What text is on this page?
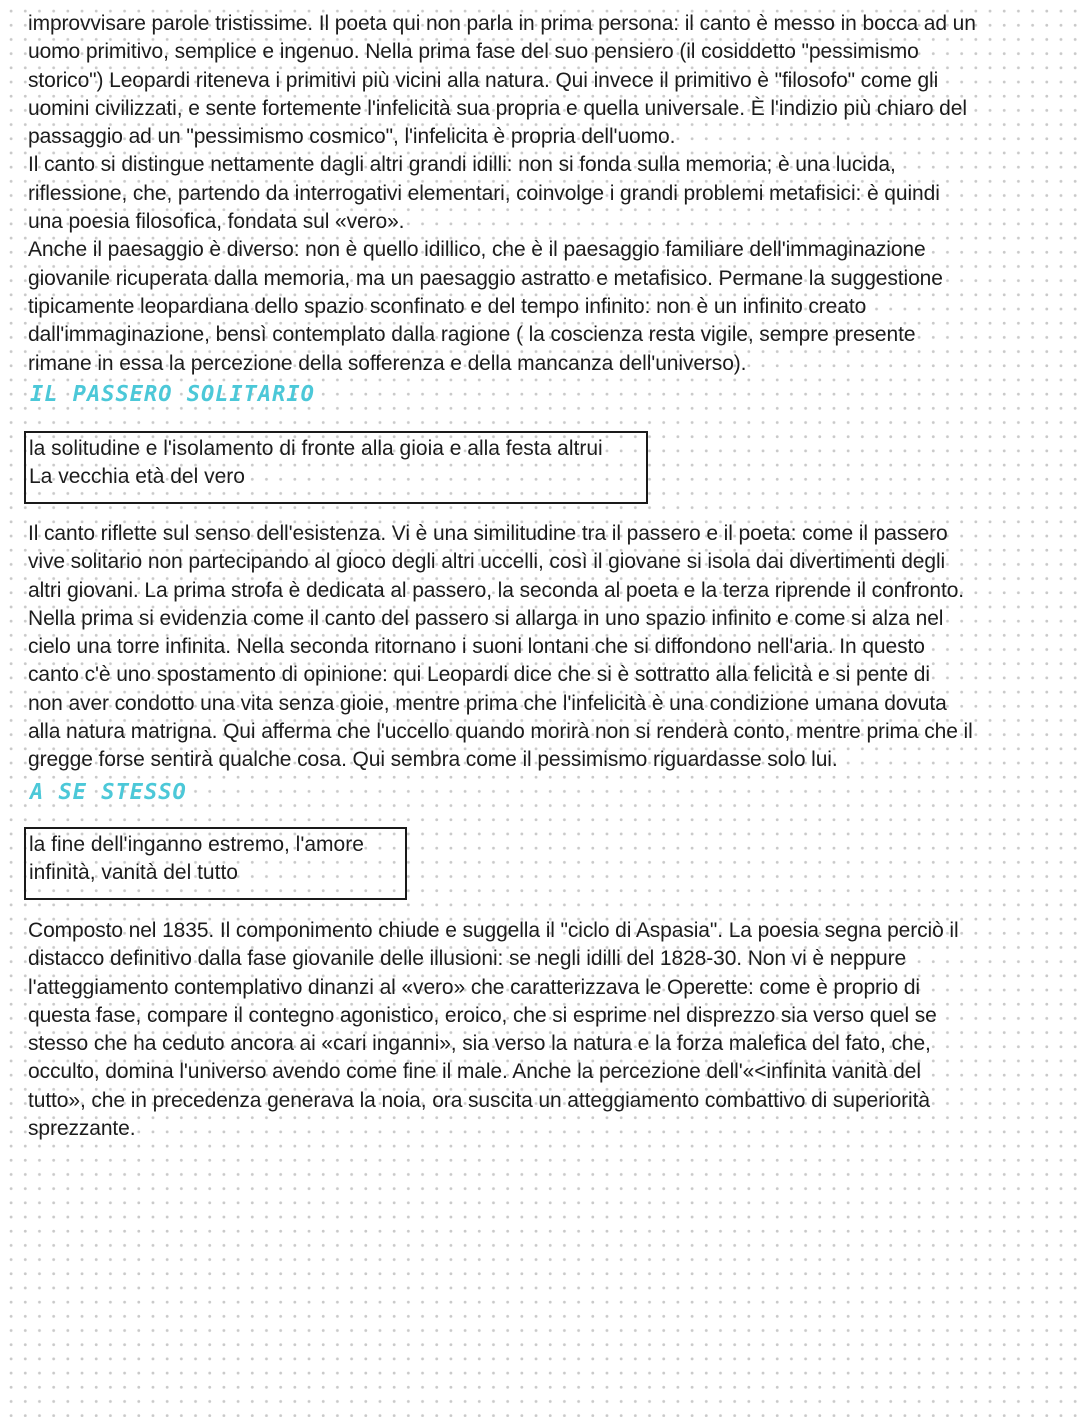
improvvisare parole tristissime. Il poeta qui non parla in prima persona: il canto è messo in bocca ad un
uomo primitivo, semplice e ingenuo. Nella prima fase del suo pensiero (il cosiddetto "pessimismo
storico") Leopardi riteneva i primitivi più vicini alla natura. Qui invece il primitivo è "filosofo" come gli
uomini civilizzati, e sente fortemente l'infelicità sua propria e quella universale. È l'indizio più chiaro del
passaggio ad un "pessimismo cosmico", l'infelicita è propria dell'uomo.
Il canto si distingue nettamente dagli altri grandi idilli: non si fonda sulla memoria; è una lucida,
riflessione, che, partendo da interrogativi elementari, coinvolge i grandi problemi metafisici: è quindi
una poesia filosofica, fondata sul «vero».
Anche il paesaggio è diverso: non è quello idillico, che è il paesaggio familiare dell'immaginazione
giovanile ricuperata dalla memoria, ma un paesaggio astratto e metafisico. Permane la suggestione
tipicamente leopardiana dello spazio sconfinato e del tempo infinito: non è un infinito creato
dall'immaginazione, bensì contemplato dalla ragione ( la coscienza resta vigile, sempre presente
rimane in essa la percezione della sofferenza e della mancanza dell'universo).

IL PASSERO SOLITARIO
la solitudine e l'isolamento di fronte alla gioia e alla festa altrui
La vecchia età del vero

Il canto riflette sul senso dell'esistenza. Vi è una similitudine tra il passero e il poeta: come il passero
vive solitario non partecipando al gioco degli altri uccelli, così il giovane si isola dai divertimenti degli
altri giovani. La prima strofa è dedicata al passero, la seconda al poeta e la terza riprende il confronto.
Nella prima si evidenzia come il canto del passero si allarga in uno spazio infinito e come si alza nel
cielo una torre infinita. Nella seconda ritornano i suoni lontani che si diffondono nell'aria. In questo
canto c'è uno spostamento di opinione: qui Leopardi dice che si è sottratto alla felicità e si pente di
non aver condotto una vita senza gioie, mentre prima che l'infelicità è una condizione umana dovuta
alla natura matrigna. Qui afferma che l'uccello quando morirà non si renderà conto, mentre prima che il
gregge forse sentirà qualche cosa. Qui sembra come il pessimismo riguardasse solo lui.

A SE STESSO
la fine dell'inganno estremo, l'amore
infinità, vanità del tutto

Composto nel 1835. Il componimento chiude e suggella il "ciclo di Aspasia". La poesia segna perciò il
distacco definitivo dalla fase giovanile delle illusioni: se negli idilli del 1828-30. Non vi è neppure
l'atteggiamento contemplativo dinanzi al «vero» che caratterizzava le Operette: come è proprio di
questa fase, compare il contegno agonistico, eroico, che si esprime nel disprezzo sia verso quel se
stesso che ha ceduto ancora ai «cari inganni», sia verso la natura e la forza malefica del fato, che,
occulto, domina l'universo avendo come fine il male. Anche la percezione dell'«<infinita vanità del
tutto», che in precedenza generava la noia, ora suscita un atteggiamento combattivo di superiorità
sprezzante.
